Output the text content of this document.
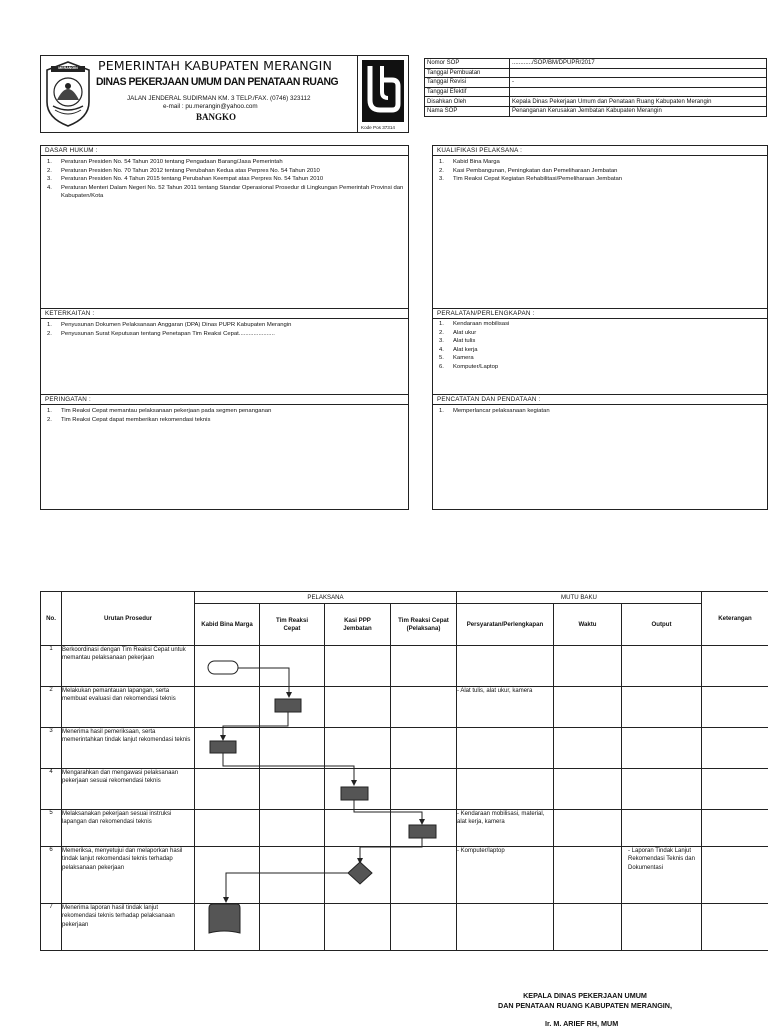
MERANGIN	PEMERINTAH KABUPATEN MERANGIN
DINAS PEKERJAAN UMUM DAN PENATAAN RUANG
JALAN JENDERAL SUDIRMAN KM. 3 TELP./FAX. (0746) 323112
e-mail : pu.merangin@yahoo.com
BANGKO
Kode Pos 37314
Nomor SOP	............/SOP/BM/DPUPR/2017
Tanggal Pembuatan	
Tanggal Revisi	-
Tanggal Efektif	
Disahkan Oleh	Kepala Dinas Pekerjaan Umum dan Penataan Ruang Kabupaten Merangin
Nama SOP	Penanganan Kerusakan Jembatan Kabupaten Merangin
DASAR HUKUM :
1.	Peraturan Presiden No. 54 Tahun 2010 tentang Pengadaan Barang/Jasa Pemerintah
2.	Peraturan Presiden No. 70 Tahun 2012 tentang Perubahan Kedua atas Perpres No. 54 Tahun 2010
3.	Peraturan Presiden No. 4 Tahun 2015 tentang Perubahan Keempat atas Perpres No. 54 Tahun 2010
4.	Peraturan Menteri Dalam Negeri No. 52 Tahun 2011 tentang Standar Operasional Prosedur di Lingkungan Pemerintah Provinsi dan Kabupaten/Kota
KUALIFIKASI PELAKSANA :
1.	Kabid Bina Marga
2.	Kasi Pembangunan, Peningkatan dan Pemeliharaan Jembatan
3.	Tim Reaksi Cepat Kegiatan Rehabilitasi/Pemeliharaan Jembatan
KETERKAITAN :
1.	Penyusunan Dokumen Pelaksanaan Anggaran (DPA) Dinas PUPR Kabupaten Merangin
2.	Penyusunan Surat Keputusan tentang Penetapan Tim Reaksi Cepat......................
PERALATAN/PERLENGKAPAN :
1.	Kendaraan mobilisasi
2.	Alat ukur
3.	Alat tulis
4.	Alat kerja
5.	Kamera
6.	Komputer/Laptop
PERINGATAN :
1.	Tim Reaksi Cepat memantau pelaksanaan pekerjaan pada segmen penanganan
2.	Tim Reaksi Cepat dapat memberikan rekomendasi teknis
PENCATATAN DAN PENDATAAN :
1.	Memperlancar pelaksanaan kegiatan
No.	Urutan Prosedur	PELAKSANA				MUTU BAKU			Keterangan
		Kabid Bina Marga	Tim Reaksi Cepat	Kasi PPP Jembatan	Tim Reaksi Cepat (Pelaksana)	Persyaratan/Perlengkapan	Waktu	Output	
1	Berkoordinasi dengan Tim Reaksi Cepat untuk memantau pelaksanaan pekerjaan								
2	Melakukan pemantauan lapangan, serta membuat evaluasi dan rekomendasi teknis					- Alat tulis, alat ukur, kamera			
3	Menerima hasil pemeriksaan, serta memerintahkan tindak lanjut rekomendasi teknis								
4	Mengarahkan dan mengawasi pelaksanaan pekerjaan sesuai rekomendasi teknis								
5	Melaksanakan pekerjaan sesuai instruksi lapangan dan rekomendasi teknis					- Kendaraan mobilisasi, material, alat kerja, kamera			
6	Memeriksa, menyetujui dan melaporkan hasil tindak lanjut rekomendasi teknis terhadap pelaksanaan pekerjaan					- Komputer/laptop		- Laporan Tindak Lanjut Rekomendasi Teknis dan Dokumentasi	
7	Menerima laporan hasil tindak lanjut rekomendasi teknis terhadap pelaksanaan pekerjaan								
KEPALA DINAS PEKERJAAN UMUM
DAN PENATAAN RUANG KABUPATEN MERANGIN,
Ir. M. ARIEF RH, MUM
